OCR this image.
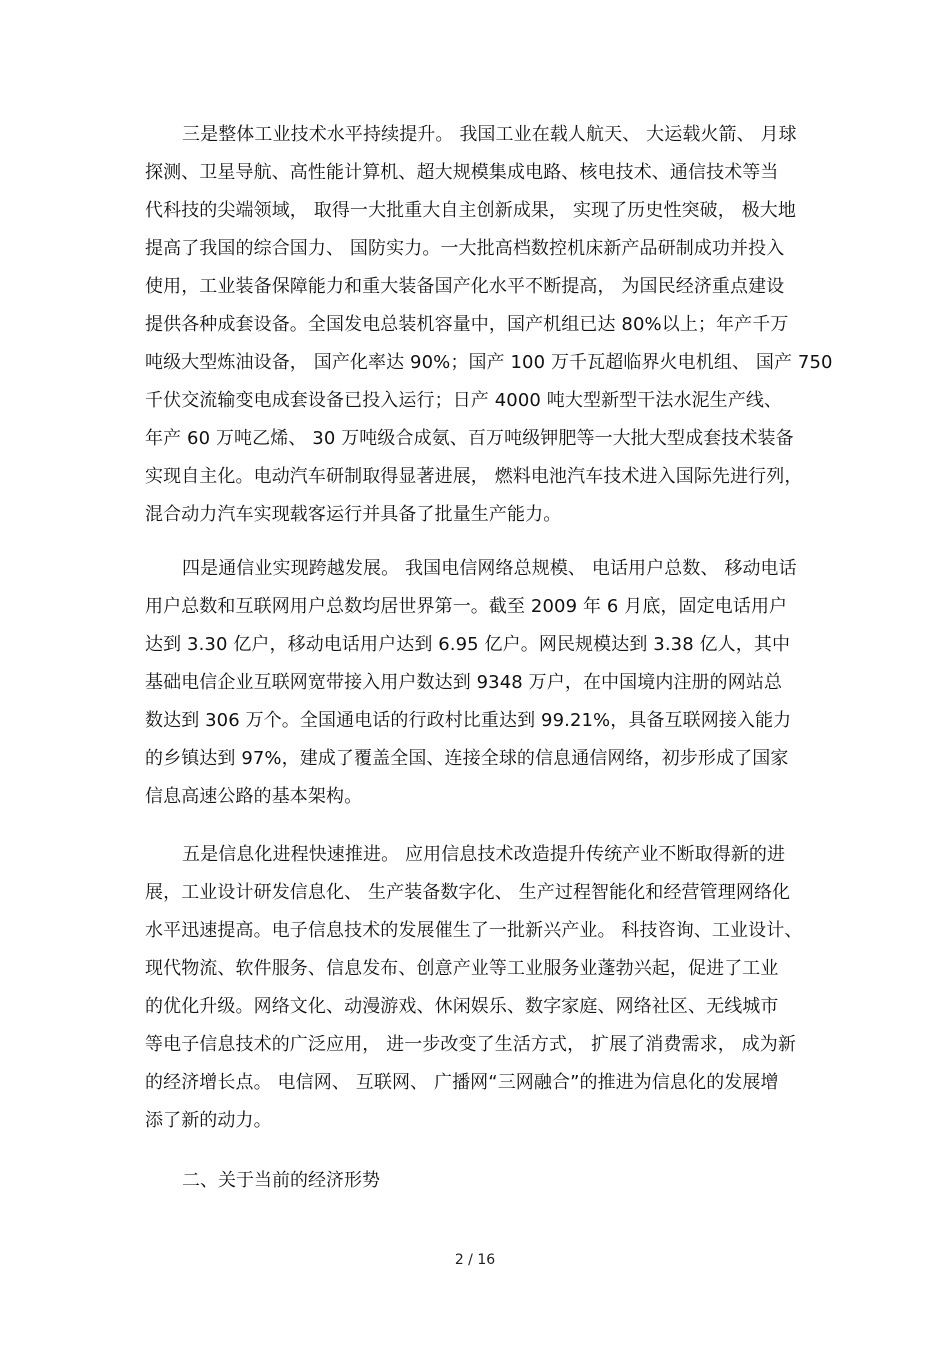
三是整体工业技术水平持续提升。 我国工业在载人航天、 大运载火箭、 月球
探测、卫星导航、高性能计算机、超大规模集成电路、核电技术、通信技术等当
代科技的尖端领域， 取得一大批重大自主创新成果， 实现了历史性突破， 极大地
提高了我国的综合国力、 国防实力。一大批高档数控机床新产品研制成功并投入
使用，工业装备保障能力和重大装备国产化水平不断提高， 为国民经济重点建设
提供各种成套设备。全国发电总装机容量中，国产机组已达 80%以上；年产千万
吨级大型炼油设备， 国产化率达 90%；国产 100 万千瓦超临界火电机组、 国产 750
千伏交流输变电成套设备已投入运行；日产 4000 吨大型新型干法水泥生产线、
年产 60 万吨乙烯、 30 万吨级合成氨、百万吨级钾肥等一大批大型成套技术装备
实现自主化。电动汽车研制取得显著进展， 燃料电池汽车技术进入国际先进行列，
混合动力汽车实现载客运行并具备了批量生产能力。
四是通信业实现跨越发展。 我国电信网络总规模、 电话用户总数、 移动电话
用户总数和互联网用户总数均居世界第一。截至 2009 年 6 月底，固定电话用户
达到 3.30 亿户，移动电话用户达到 6.95 亿户。网民规模达到 3.38 亿人，其中
基础电信企业互联网宽带接入用户数达到 9348 万户，在中国境内注册的网站总
数达到 306 万个。全国通电话的行政村比重达到 99.21%，具备互联网接入能力
的乡镇达到 97%，建成了覆盖全国、连接全球的信息通信网络，初步形成了国家
信息高速公路的基本架构。
五是信息化进程快速推进。 应用信息技术改造提升传统产业不断取得新的进
展，工业设计研发信息化、 生产装备数字化、 生产过程智能化和经营管理网络化
水平迅速提高。电子信息技术的发展催生了一批新兴产业。 科技咨询、工业设计、
现代物流、软件服务、信息发布、创意产业等工业服务业蓬勃兴起，促进了工业
的优化升级。网络文化、动漫游戏、休闲娱乐、数字家庭、网络社区、无线城市
等电子信息技术的广泛应用， 进一步改变了生活方式， 扩展了消费需求， 成为新
的经济增长点。 电信网、 互联网、 广播网“三网融合”的推进为信息化的发展增
添了新的动力。
二、关于当前的经济形势
2 / 16
